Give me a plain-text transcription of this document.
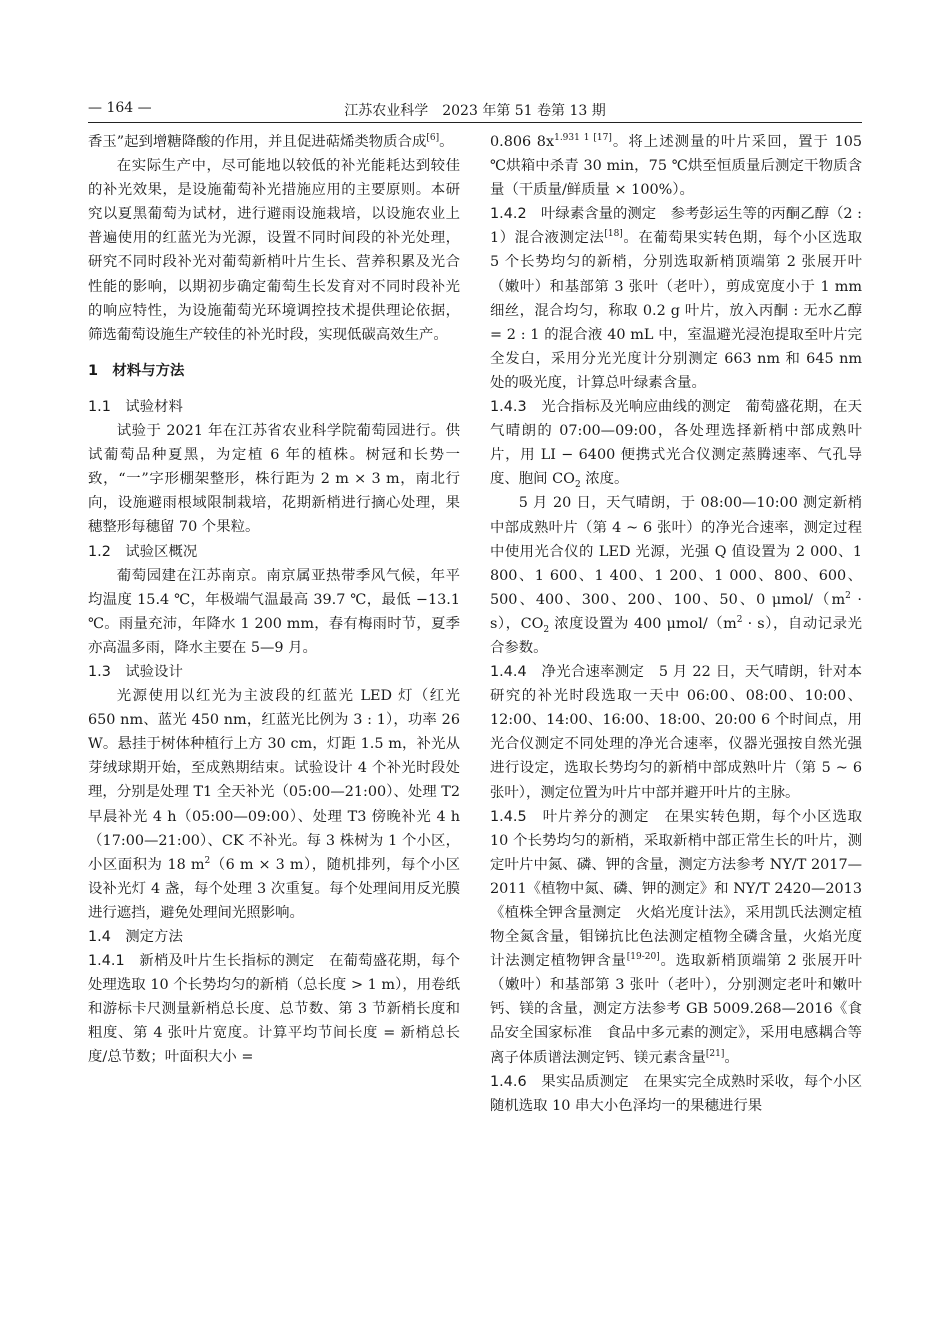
— 164 —	江苏农业科学　2023 年第 51 卷第 13 期

香玉”起到增糖降酸的作用，并且促进萜烯类物质合成[6]。

在实际生产中，尽可能地以较低的补光能耗达到较佳的补光效果，是设施葡萄补光措施应用的主要原则。本研究以夏黑葡萄为试材，进行避雨设施栽培，以设施农业上普遍使用的红蓝光为光源，设置不同时间段的补光处理，研究不同时段补光对葡萄新梢叶片生长、营养积累及光合性能的影响，以期初步确定葡萄生长发育对不同时段补光的响应特性，为设施葡萄光环境调控技术提供理论依据，筛选葡萄设施生产较佳的补光时段，实现低碳高效生产。

1　材料与方法

1.1　试验材料

试验于 2021 年在江苏省农业科学院葡萄园进行。供试葡萄品种夏黑，为定植 6 年的植株。树冠和长势一致，“一”字形棚架整形，株行距为 2 m × 3 m，南北行向，设施避雨根域限制栽培，花期新梢进行摘心处理，果穗整形每穗留 70 个果粒。

1.2　试验区概况

葡萄园建在江苏南京。南京属亚热带季风气候，年平均温度 15.4 ℃，年极端气温最高 39.7 ℃，最低 −13.1 ℃。雨量充沛，年降水 1 200 mm，春有梅雨时节，夏季亦高温多雨，降水主要在 5—9 月。

1.3　试验设计

光源使用以红光为主波段的红蓝光 LED 灯（红光 650 nm、蓝光 450 nm，红蓝光比例为 3 : 1），功率 26 W。悬挂于树体种植行上方 30 cm，灯距 1.5 m，补光从芽绒球期开始，至成熟期结束。试验设计 4 个补光时段处理，分别是处理 T1 全天补光（05:00—21:00）、处理 T2 早晨补光 4 h（05:00—09:00）、处理 T3 傍晚补光 4 h（17:00—21:00）、CK 不补光。每 3 株树为 1 个小区，小区面积为 18 $m^2(6$ m × 3 m），随机排列，每个小区设补光灯 4 盏，每个处理 3 次重复。每个处理间用反光膜进行遮挡，避免处理间光照影响。

1.4　测定方法

1.4.1　新梢及叶片生长指标的测定　 在葡萄盛花期，每个处理选取 10 个长势均匀的新梢（总长度 > 1 m），用卷纸和游标卡尺测量新梢总长度、总节数、第 3 节新梢长度和粗度、第 4 张叶片宽度。计算平均节间长度 = 新梢总长度/总节数；叶面积大小 =

0.806 $8x^{1.931 1 [17]}$。将上述测量的叶片采回，置于 105 ℃烘箱中杀青 30 min，75 ℃烘至恒质量后测定干物质含量（干质量/鲜质量 × 100%）。

1.4.2　叶绿素含量的测定　 参考彭运生等的丙酮乙醇（2 : 1）混合液测定法[18]。在葡萄果实转色期，每个小区选取 5 个长势均匀的新梢，分别选取新梢顶端第 2 张展开叶（嫩叶）和基部第 3 张叶（老叶），剪成宽度小于 1 mm 细丝，混合均匀，称取 0.2 g 叶片，放入丙酮 : 无水乙醇 = 2 : 1 的混合液 40 mL 中，室温避光浸泡提取至叶片完全发白，采用分光光度计分别测定 663 nm 和 645 nm 处的吸光度，计算总叶绿素含量。

1.4.3　光合指标及光响应曲线的测定　 葡萄盛花期，在天气晴朗的 07:00—09:00，各处理选择新梢中部成熟叶片，用 LI − 6400 便携式光合仪测定蒸腾速率、气孔导度、胞间 $CO_2$ 浓度。

5 月 20 日，天气晴朗，于 08:00—10:00 测定新梢中部成熟叶片（第 4 ~ 6 张叶）的净光合速率，测定过程中使用光合仪的 LED 光源，光强 Q 值设置为 2 000、1 800、1 600、1 400、1 200、1 000、800、600、500、400、300、200、100、50、0 μmol/$(m^2 \cdot s)$，$CO_2$ 浓度设置为 400 μmol/$(m^2 \cdot s)$，自动记录光合参数。

1.4.4　净光合速率测定　 5 月 22 日，天气晴朗，针对本研究的补光时段选取一天中 06:00、08:00、10:00、12:00、14:00、16:00、18:00、20:00 6 个时间点，用光合仪测定不同处理的净光合速率，仪器光强按自然光强进行设定，选取长势均匀的新梢中部成熟叶片（第 5 ~ 6 张叶），测定位置为叶片中部并避开叶片的主脉。

1.4.5　叶片养分的测定　 在果实转色期，每个小区选取 10 个长势均匀的新梢，采取新梢中部正常生长的叶片，测定叶片中氮、磷、钾的含量，测定方法参考 NY/T 2017—2011《植物中氮、磷、钾的测定》和 NY/T 2420—2013《植株全钾含量测定　火焰光度计法》，采用凯氏法测定植物全氮含量，钼锑抗比色法测定植物全磷含量，火焰光度计法测定植物钾含量[19-20]。选取新梢顶端第 2 张展开叶（嫩叶）和基部第 3 张叶（老叶），分别测定老叶和嫩叶钙、镁的含量，测定方法参考 GB 5009.268—2016《食品安全国家标准　食品中多元素的测定》，采用电感耦合等离子体质谱法测定钙、镁元素含量[21]。

1.4.6　果实品质测定　 在果实完全成熟时采收，每个小区随机选取 10 串大小色泽均一的果穗进行果
